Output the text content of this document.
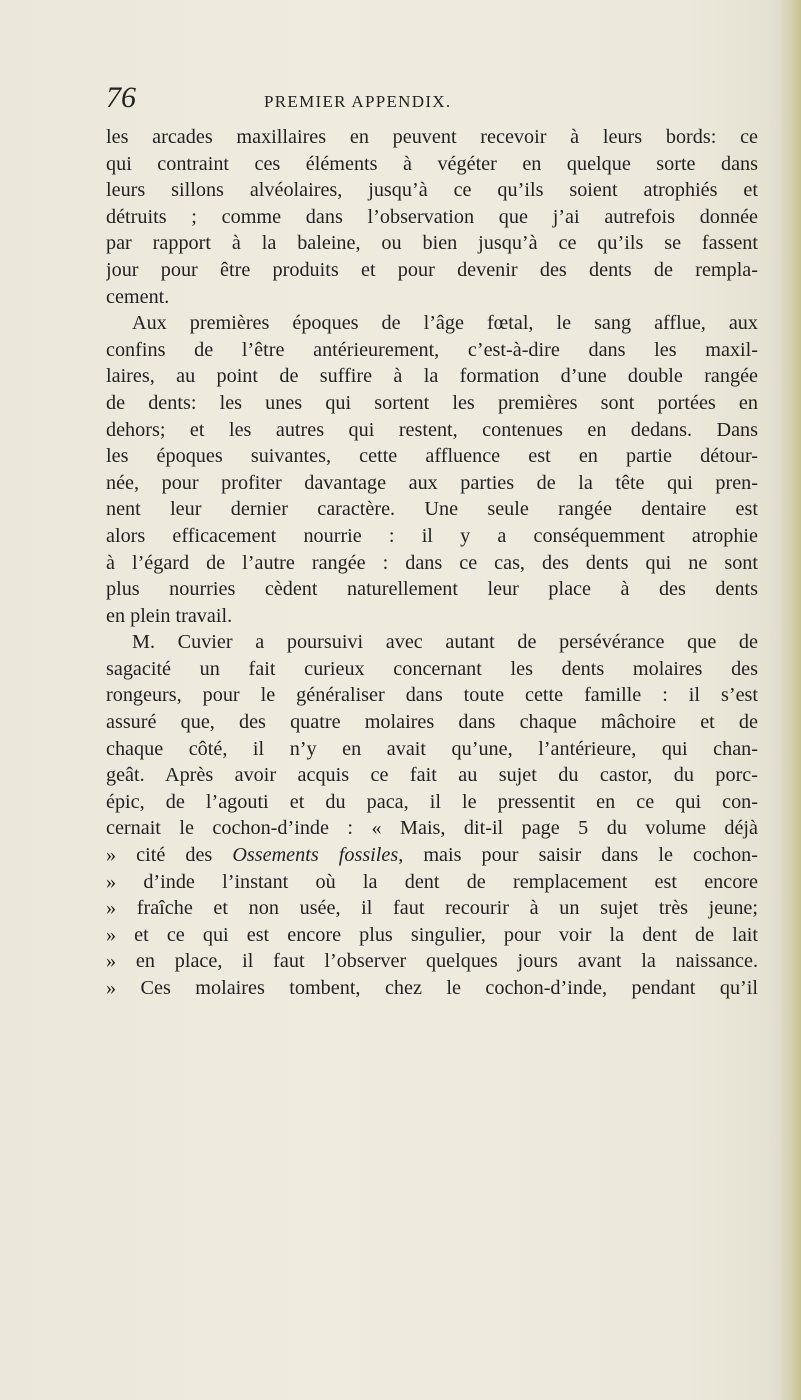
76	PREMIER APPENDIX.
les arcades maxillaires en peuvent recevoir à leurs bords: ce
qui contraint ces éléments à végéter en quelque sorte dans
leurs sillons alvéolaires, jusqu’à ce qu’ils soient atrophiés et
détruits ; comme dans l’observation que j’ai autrefois donnée
par rapport à la baleine, ou bien jusqu’à ce qu’ils se fassent
jour pour être produits et pour devenir des dents de rempla-
cement.
Aux premières époques de l’âge fœtal, le sang afflue, aux
confins de l’être antérieurement, c’est-à-dire dans les maxil-
laires, au point de suffire à la formation d’une double rangée
de dents: les unes qui sortent les premières sont portées en
dehors; et les autres qui restent, contenues en dedans. Dans
les époques suivantes, cette affluence est en partie détour-
née, pour profiter davantage aux parties de la tête qui pren-
nent leur dernier caractère. Une seule rangée dentaire est
alors efficacement nourrie : il y a conséquemment atrophie
à l’égard de l’autre rangée : dans ce cas, des dents qui ne sont
plus nourries cèdent naturellement leur place à des dents
en plein travail.
M. Cuvier a poursuivi avec autant de persévérance que de
sagacité un fait curieux concernant les dents molaires des
rongeurs, pour le généraliser dans toute cette famille : il s’est
assuré que, des quatre molaires dans chaque mâchoire et de
chaque côté, il n’y en avait qu’une, l’antérieure, qui chan-
geât. Après avoir acquis ce fait au sujet du castor, du porc-
épic, de l’agouti et du paca, il le pressentit en ce qui con-
cernait le cochon-d’inde : « Mais, dit-il page 5 du volume déjà
» cité des Ossements fossiles, mais pour saisir dans le cochon-
» d’inde l’instant où la dent de remplacement est encore
» fraîche et non usée, il faut recourir à un sujet très jeune;
» et ce qui est encore plus singulier, pour voir la dent de lait
» en place, il faut l’observer quelques jours avant la naissance.
» Ces molaires tombent, chez le cochon-d’inde, pendant qu’il
